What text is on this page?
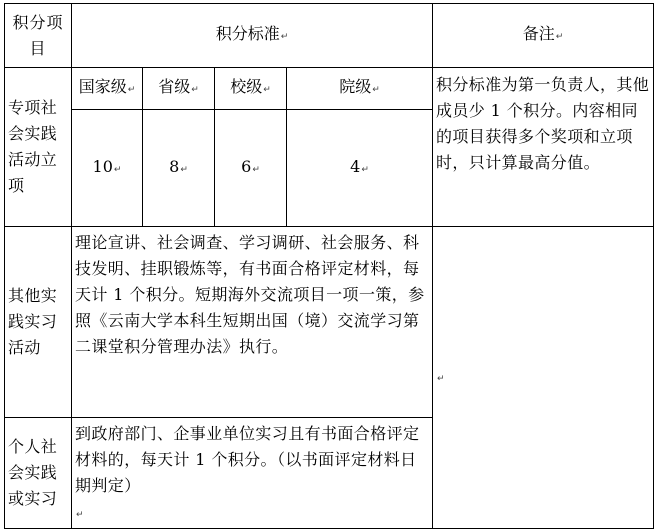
积分项目	积分标准↵				备注↵

专项社会实践活动立项	国家级↵	省级↵	校级↵	院级↵	积分标准为第一负责人，其他成员少 1 个积分。内容相同的项目获得多个奖项和立项时，只计算最高分值。

	10↵	8↵	6↵	4↵	

其他实践实习活动	理论宣讲、社会调查、学习调研、社会服务、科技发明、挂职锻炼等，有书面合格评定材料，每天计 1 个积分。短期海外交流项目一项一策，参照《云南大学本科生短期出国（境）交流学习第二课堂积分管理办法》执行。				↵

个人社会实践或实习	到政府部门、企事业单位实习且有书面合格评定材料的，每天计 1 个积分。（以书面评定材料日期判定）
↵				
